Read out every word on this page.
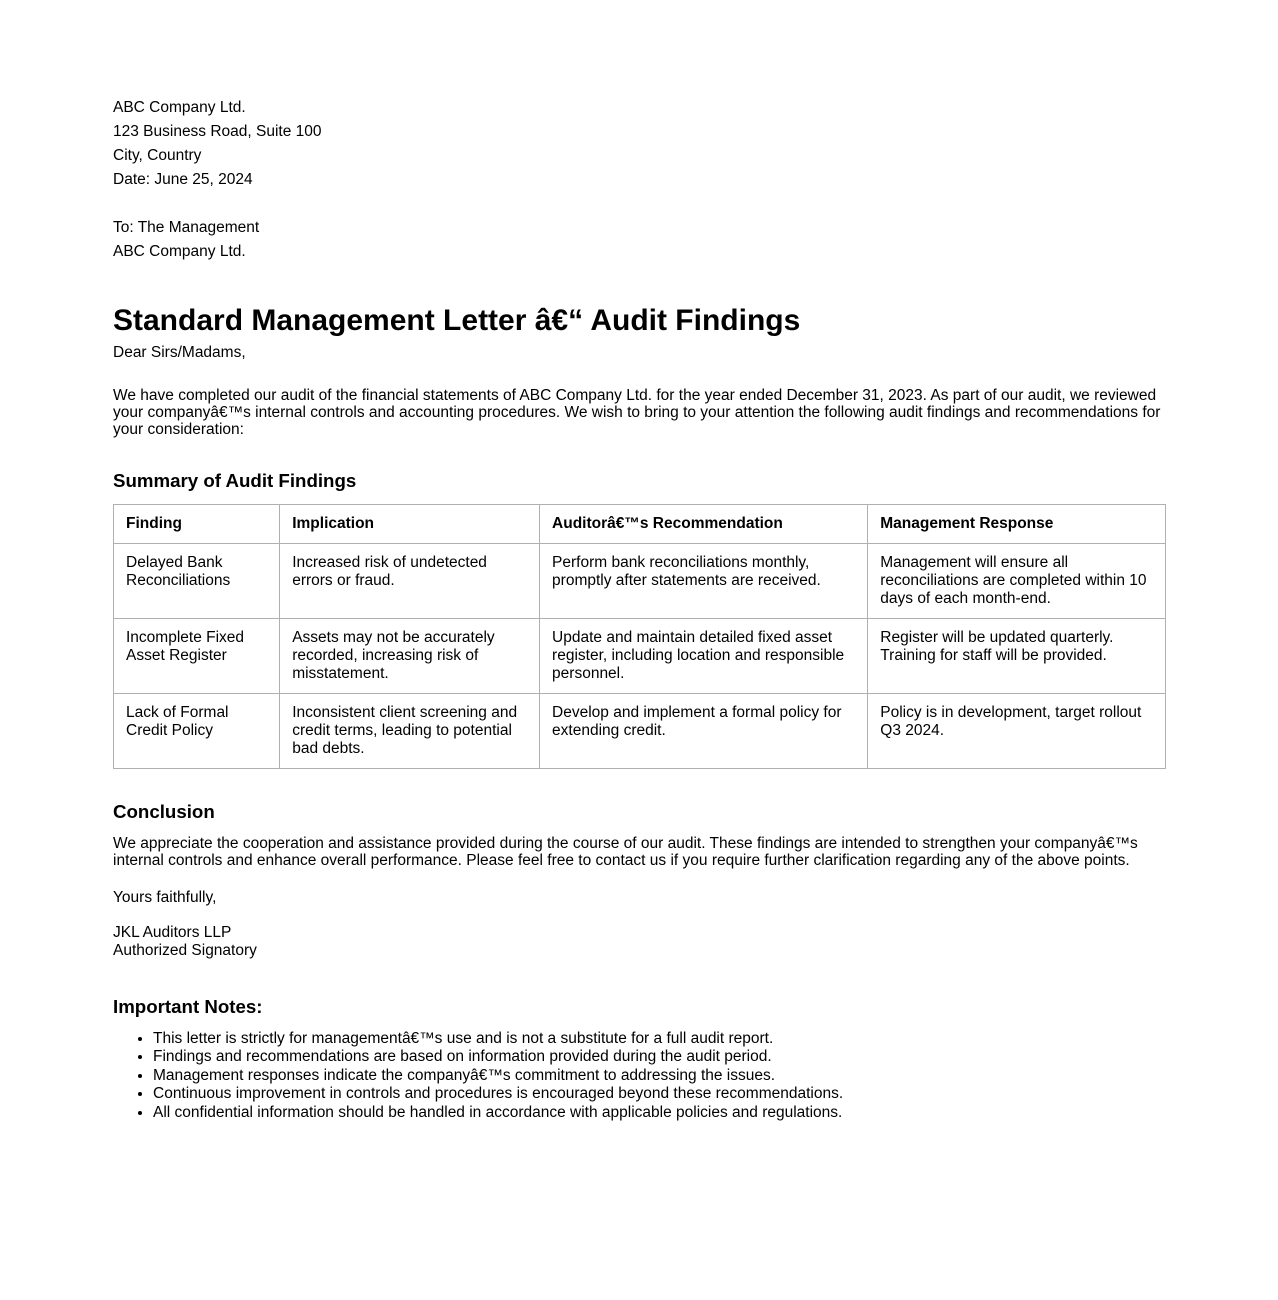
ABC Company Ltd.
123 Business Road, Suite 100
City, Country
Date: June 25, 2024
To: The Management
ABC Company Ltd.
Standard Management Letter â€“ Audit Findings

Dear Sirs/Madams,

We have completed our audit of the financial statements of ABC Company Ltd. for the year ended December 31, 2023. As part of our audit, we reviewed your companyâ€™s internal controls and accounting procedures. We wish to bring to your attention the following audit findings and recommendations for your consideration:

Summary of Audit Findings
Finding	Implication	Auditorâ€™s Recommendation	Management Response
Delayed Bank Reconciliations	Increased risk of undetected errors or fraud.	Perform bank reconciliations monthly, promptly after statements are received.	Management will ensure all reconciliations are completed within 10 days of each month-end.
Incomplete Fixed Asset Register	Assets may not be accurately recorded, increasing risk of misstatement.	Update and maintain detailed fixed asset register, including location and responsible personnel.	Register will be updated quarterly. Training for staff will be provided.
Lack of Formal Credit Policy	Inconsistent client screening and credit terms, leading to potential bad debts.	Develop and implement a formal policy for extending credit.	Policy is in development, target rollout Q3 2024.
Conclusion

We appreciate the cooperation and assistance provided during the course of our audit. These findings are intended to strengthen your companyâ€™s internal controls and enhance overall performance. Please feel free to contact us if you require further clarification regarding any of the above points.

Yours faithfully,

JKL Auditors LLP
Authorized Signatory

Important Notes:
• This letter is strictly for managementâ€™s use and is not a substitute for a full audit report.
• Findings and recommendations are based on information provided during the audit period.
• Management responses indicate the companyâ€™s commitment to addressing the issues.
• Continuous improvement in controls and procedures is encouraged beyond these recommendations.
• All confidential information should be handled in accordance with applicable policies and regulations.
